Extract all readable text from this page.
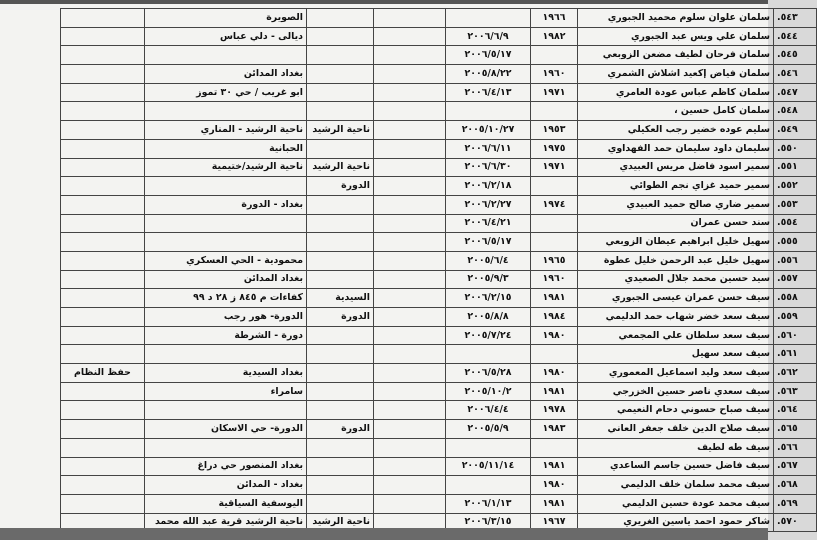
٥٤٣.	سلمان علوان سلوم محميد الجبوري	١٩٦٦				الصويرة	
٥٤٤.	سلمان علي ويس عبد الجبوري	١٩٨٢	٢٠٠٦/٦/٩			ديالى - دلي عباس	
٥٤٥.	سلمان فرحان لطيف مضعن الزوبعي		٢٠٠٦/٥/١٧				
٥٤٦.	سلمان فياض إكعيد اشلاش الشمري	١٩٦٠	٢٠٠٥/٨/٢٢			بغداد المدائن	
٥٤٧.	سلمان كاظم عباس عودة العامري	١٩٧١	٢٠٠٦/٤/١٣			ابو غريب / حي ٣٠ تموز	
٥٤٨.	سلمان كامل حسين ،						
٥٤٩.	سليم عوده خضير رجب العكيلي	١٩٥٣	٢٠٠٥/١٠/٢٧		ناحية الرشيد	ناحية الرشيد - المناري	
٥٥٠.	سليمان داود سليمان حمد الفهداوي	١٩٧٥	٢٠٠٦/٦/١١			الحبانية	
٥٥١.	سمير اسود فاضل مريس العبيدي	١٩٧١	٢٠٠٦/٦/٣٠		ناحية الرشيد	ناحية الرشيد/ختيمية	
٥٥٢.	سمير حميد غزاي نجم الطوائي		٢٠٠٦/٢/١٨		الدورة		
٥٥٣.	سمير ضاري صالح حميد العبيدي	١٩٧٤	٢٠٠٦/٢/٢٧			بغداد - الدورة	
٥٥٤.	سند حسن عمران		٢٠٠٦/٤/٢١				
٥٥٥.	سهيل خليل ابراهيم عيطان الزوبعي		٢٠٠٦/٥/١٧				
٥٥٦.	سهيل خليل عبد الرحمن خليل عطوة	١٩٦٥	٢٠٠٥/٦/٤			محمودية - الحي العسكري	
٥٥٧.	سيد حسين محمد جلال الصعيدي	١٩٦٠	٢٠٠٥/٩/٣			بغداد المدائن	
٥٥٨.	سيف حسن عمران عيسى الجبوري	١٩٨١	٢٠٠٦/٢/١٥		السيدية	كفاءات م ٨٤٥ ز ٢٨ د ٩٩	
٥٥٩.	سيف سعد خضر شهاب حمد الدليمي	١٩٨٤	٢٠٠٥/٨/٨		الدورة	الدورة- هور رجب	
٥٦٠.	سيف سعد سلطان علي المجمعي	١٩٨٠	٢٠٠٥/٧/٢٤			دورة - الشرطة	
٥٦١.	سيف سعد سهيل						
٥٦٢.	سيف سعد وليد اسماعيل المعموري	١٩٨٠	٢٠٠٦/٥/٢٨			بغداد السيدية	حفظ النظام
٥٦٣.	سيف سعدي ناصر حسين الخزرجي	١٩٨١	٢٠٠٥/١٠/٢			سامراء	
٥٦٤.	سيف صباح حسوني دحام النعيمي	١٩٧٨	٢٠٠٦/٤/٤				
٥٦٥.	سيف صلاح الدين خلف جعفر العاني	١٩٨٣	٢٠٠٥/٥/٩		الدورة	الدورة- حي الاسكان	
٥٦٦.	سيف طه لطيف						
٥٦٧.	سيف فاضل حسين جاسم الساعدي	١٩٨١	٢٠٠٥/١١/١٤			بغداد المنصور حي دراغ	
٥٦٨.	سيف محمد سلمان خلف الدليمي	١٩٨٠				بغداد - المدائن	
٥٦٩.	سيف محمد عودة حسين الدليمي	١٩٨١	٢٠٠٦/١/١٣			اليوسفية السياقية	
٥٧٠.	شاكر حمود احمد ياسين الغريري	١٩٦٧	٢٠٠٦/٣/١٥		ناحية الرشيد	ناحية الرشيد قرية عبد الله محمد	
